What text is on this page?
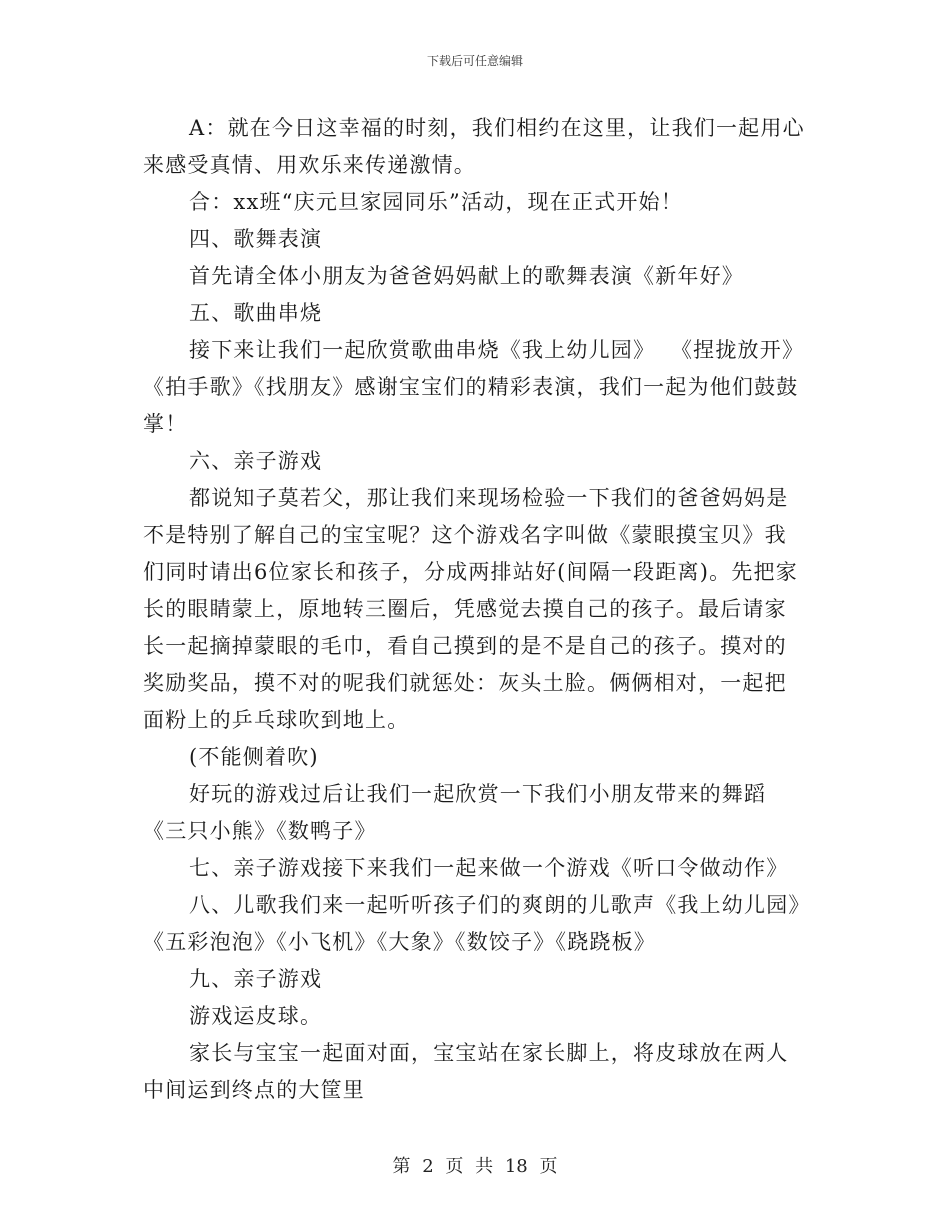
下载后可任意编辑

A：就在今日这幸福的时刻，我们相约在这里，让我们一起用心来感受真情、用欢乐来传递激情。

合：xx班“庆元旦家园同乐”活动，现在正式开始！

四、歌舞表演

首先请全体小朋友为爸爸妈妈献上的歌舞表演《新年好》

五、歌曲串烧

接下来让我们一起欣赏歌曲串烧《我上幼儿园》  《捏拢放开》《拍手歌》《找朋友》感谢宝宝们的精彩表演，我们一起为他们鼓鼓掌！

六、亲子游戏

都说知子莫若父，那让我们来现场检验一下我们的爸爸妈妈是不是特别了解自己的宝宝呢？这个游戏名字叫做《蒙眼摸宝贝》我们同时请出6位家长和孩子，分成两排站好(间隔一段距离)。先把家长的眼睛蒙上，原地转三圈后，凭感觉去摸自己的孩子。最后请家长一起摘掉蒙眼的毛巾，看自己摸到的是不是自己的孩子。摸对的奖励奖品，摸不对的呢我们就惩处：灰头土脸。俩俩相对，一起把面粉上的乒乓球吹到地上。

(不能侧着吹)

好玩的游戏过后让我们一起欣赏一下我们小朋友带来的舞蹈《三只小熊》《数鸭子》

七、亲子游戏接下来我们一起来做一个游戏《听口令做动作》

八、儿歌我们来一起听听孩子们的爽朗的儿歌声《我上幼儿园》《五彩泡泡》《小飞机》《大象》《数饺子》《跷跷板》

九、亲子游戏

游戏运皮球。

家长与宝宝一起面对面，宝宝站在家长脚上，将皮球放在两人中间运到终点的大筐里

第 2 页 共 18 页
